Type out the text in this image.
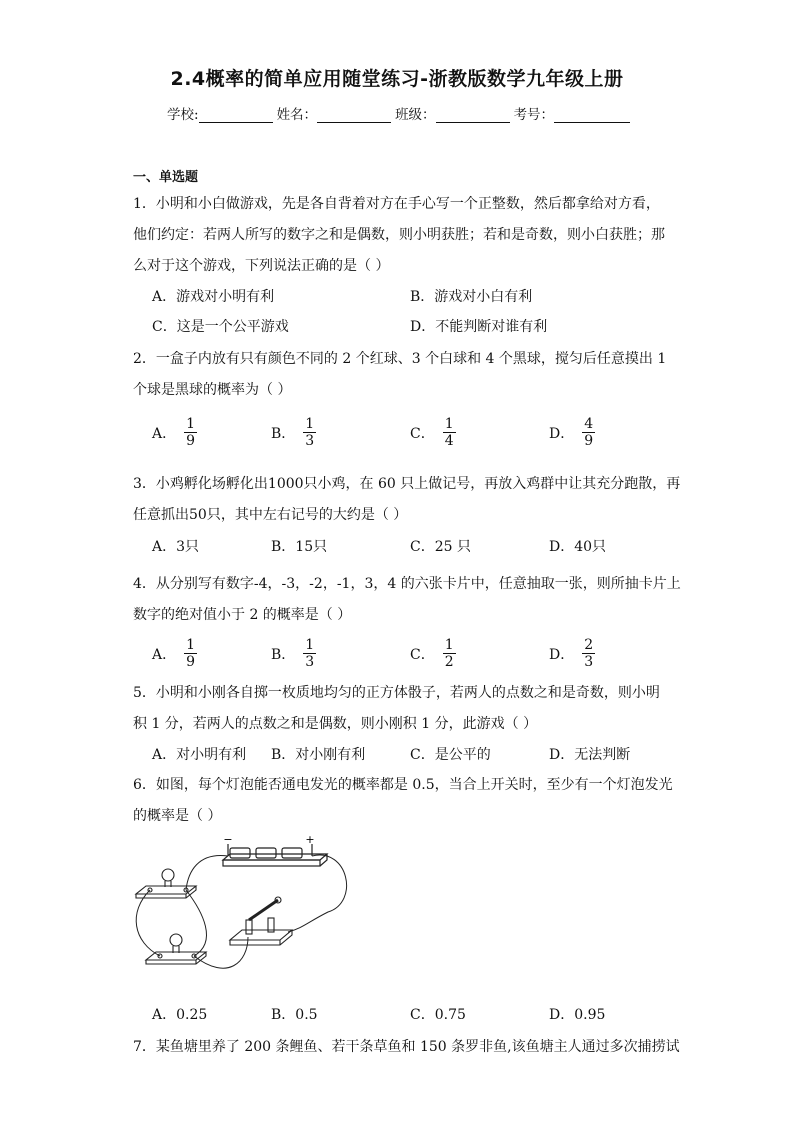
2.4概率的简单应用随堂练习-浙教版数学九年级上册
学校:	姓名：	班级：	考号：
一、单选题
1．小明和小白做游戏，先是各自背着对方在手心写一个正整数，然后都拿给对方看，
他们约定：若两人所写的数字之和是偶数，则小明获胜；若和是奇数，则小白获胜；那
么对于这个游戏，下列说法正确的是（ ）
A．游戏对小明有利	B．游戏对小白有利
C．这是一个公平游戏	D．不能判断对谁有利
2．一盒子内放有只有颜色不同的 2 个红球、3 个白球和 4 个黑球，搅匀后任意摸出 1
个球是黑球的概率为（ ）
A． $\frac{1}{9}$	B． $\frac{1}{3}$	C． $\frac{1}{4}$	D． $\frac{4}{9}$
3．小鸡孵化场孵化出1000只小鸡，在 60 只上做记号，再放入鸡群中让其充分跑散，再
任意抓出50只，其中左右记号的大约是（ ）
A．3只	B．15只	C．25 只	D．40只
4．从分别写有数字-4，-3，-2，-1，3，4 的六张卡片中，任意抽取一张，则所抽卡片上
数字的绝对值小于 2 的概率是（ ）
A． $\frac{1}{9}$	B． $\frac{1}{3}$	C． $\frac{1}{2}$	D． $\frac{2}{3}$
5．小明和小刚各自掷一枚质地均匀的正方体骰子，若两人的点数之和是奇数，则小明
积 1 分，若两人的点数之和是偶数，则小刚积 1 分，此游戏（ ）
A．对小明有利 B．对小刚有利	C．是公平的	D．无法判断
6．如图，每个灯泡能否通电发光的概率都是 0.5，当合上开关时，至少有一个灯泡发光
的概率是（ ）
−	+
A．0.25	B．0.5	C．0.75	D．0.95
7．某鱼塘里养了 200 条鲤鱼、若干条草鱼和 150 条罗非鱼,该鱼塘主人通过多次捕捞试
